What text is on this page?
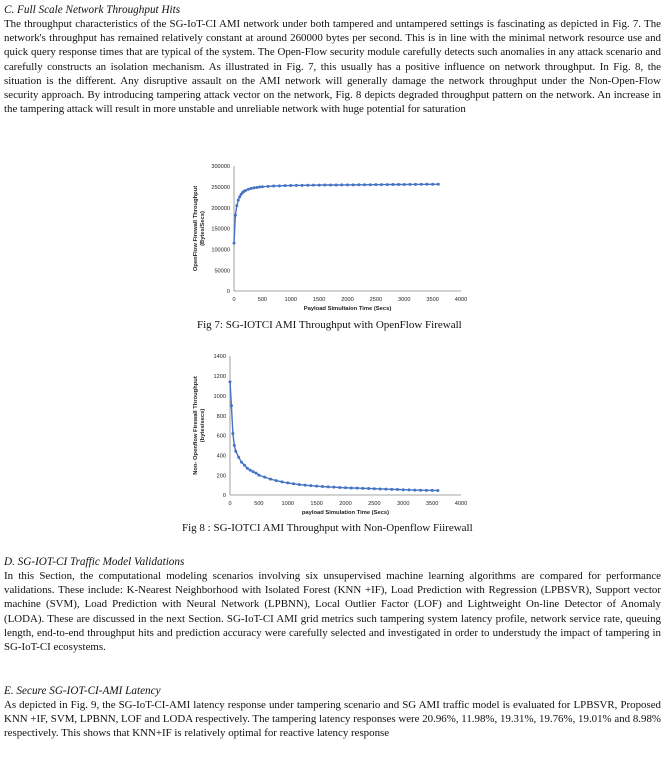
C. Full Scale Network Throughput Hits

The throughput characteristics of the SG-IoT-CI AMI network under both tampered and untampered settings is fascinating as depicted in Fig. 7. The network's throughput has remained relatively constant at around 260000 bytes per second. This is in line with the minimal network resource use and quick query response times that are typical of the system. The Open-Flow security module carefully detects such anomalies in any attack scenario and carefully constructs an isolation mechanism. As illustrated in Fig. 7, this usually has a positive influence on network throughput. In Fig. 8, the situation is the different. Any disruptive assault on the AMI network will generally damage the network throughput under the Non-Open-Flow security approach. By introducing tampering attack vector on the network, Fig. 8 depicts degraded throughput pattern on the network. An increase in the tampering attack will result in more unstable and unreliable network with huge potential for saturation

0
50000
100000
150000
200000
250000
300000
0	500	1000	1500	2000	2500	3000	3500	4000
Payload Simultaion Time (Secs)
OpenFlow Firewall Throughput (Bytes/Secs)
Fig 7: SG-IOTCI AMI Throughput with OpenFlow Firewall
0
200
400
600
800
1000
1200
1400
0	500	1000	1500	2000	2500	3000	3500	4000
payload Simulation Time (Secs)
Non- Openflow Firewall Throughput (bytes/secs)
Fig 8 : SG-IOTCI AMI Throughput with Non-Openflow Fiirewall
D. SG-IOT-CI Traffic Model Validations

In this Section, the computational modeling scenarios involving six unsupervised machine learning algorithms are compared for performance validations. These include: K-Nearest Neighborhood with Isolated Forest (KNN +IF), Load Prediction with Regression (LPBSVR), Support vector machine (SVM), Load Prediction with Neural Network (LPBNN), Local Outlier Factor (LOF) and Lightweight On-line Detector of Anomaly (LODA). These are discussed in the next Section. SG-IoT-CI AMI grid metrics such tampering system latency profile, network service rate, queuing length, end-to-end throughput hits and prediction accuracy were carefully selected and investigated in order to understudy the impact of tampering in SG-IoT-CI ecosystems.

E. Secure SG-IOT-CI-AMI Latency

As depicted in Fig. 9, the SG-IoT-CI-AMI latency response under tampering scenario and SG AMI traffic model is evaluated for LPBSVR, Proposed KNN +IF, SVM, LPBNN, LOF and LODA respectively. The tampering latency responses were 20.96%, 11.98%, 19.31%, 19.76%, 19.01% and 8.98% respectively. This shows that KNN+IF is relatively optimal for reactive latency response
